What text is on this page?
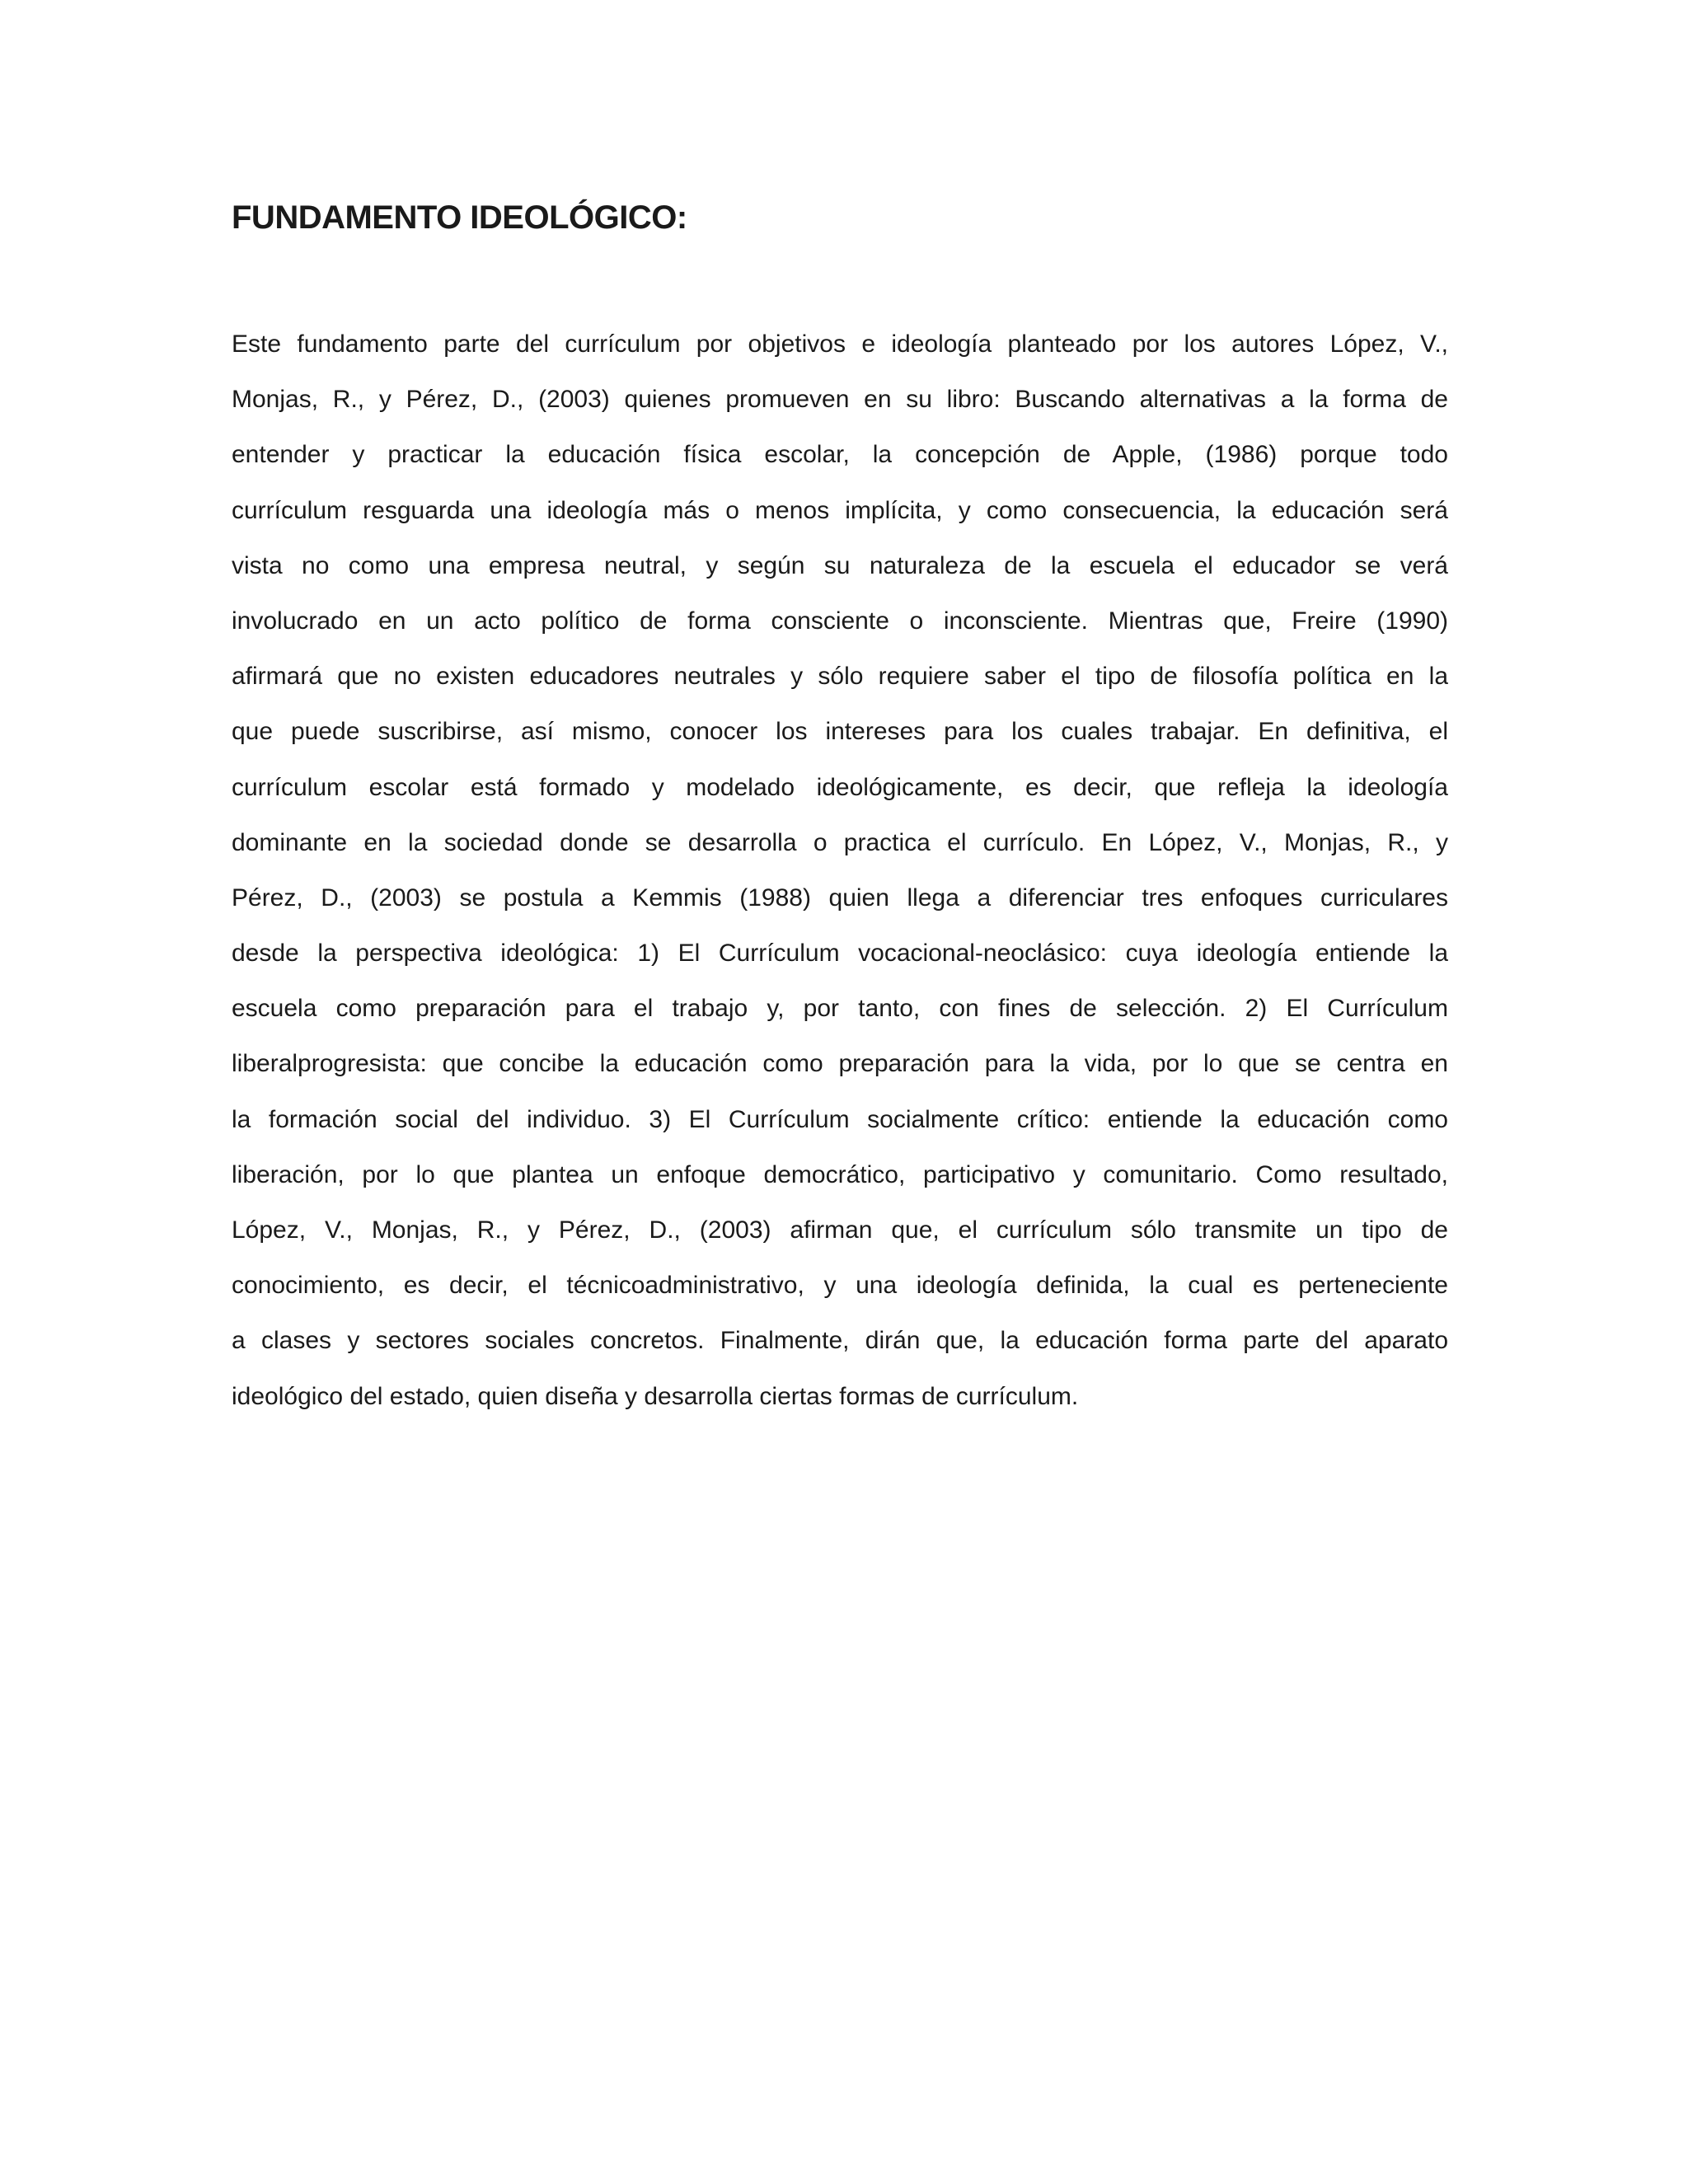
FUNDAMENTO IDEOLÓGICO:
Este fundamento parte del currículum por objetivos e ideología planteado por los autores López, V.,
Monjas, R., y Pérez, D., (2003) quienes promueven en su libro: Buscando alternativas a la forma de
entender y practicar la educación física escolar, la concepción de Apple, (1986) porque todo
currículum resguarda una ideología más o menos implícita, y como consecuencia, la educación será
vista no como una empresa neutral, y según su naturaleza de la escuela el educador se verá
involucrado en un acto político de forma consciente o inconsciente. Mientras que, Freire (1990)
afirmará que no existen educadores neutrales y sólo requiere saber el tipo de filosofía política en la
que puede suscribirse, así mismo, conocer los intereses para los cuales trabajar. En definitiva, el
currículum escolar está formado y modelado ideológicamente, es decir, que refleja la ideología
dominante en la sociedad donde se desarrolla o practica el currículo. En López, V., Monjas, R., y
Pérez, D., (2003) se postula a Kemmis (1988) quien llega a diferenciar tres enfoques curriculares
desde la perspectiva ideológica: 1) El Currículum vocacional-neoclásico: cuya ideología entiende la
escuela como preparación para el trabajo y, por tanto, con fines de selección. 2) El Currículum
liberalprogresista: que concibe la educación como preparación para la vida, por lo que se centra en
la formación social del individuo. 3) El Currículum socialmente crítico: entiende la educación como
liberación, por lo que plantea un enfoque democrático, participativo y comunitario. Como resultado,
López, V., Monjas, R., y Pérez, D., (2003) afirman que, el currículum sólo transmite un tipo de
conocimiento, es decir, el técnicoadministrativo, y una ideología definida, la cual es perteneciente
a clases y sectores sociales concretos. Finalmente, dirán que, la educación forma parte del aparato
ideológico del estado, quien diseña y desarrolla ciertas formas de currículum.
